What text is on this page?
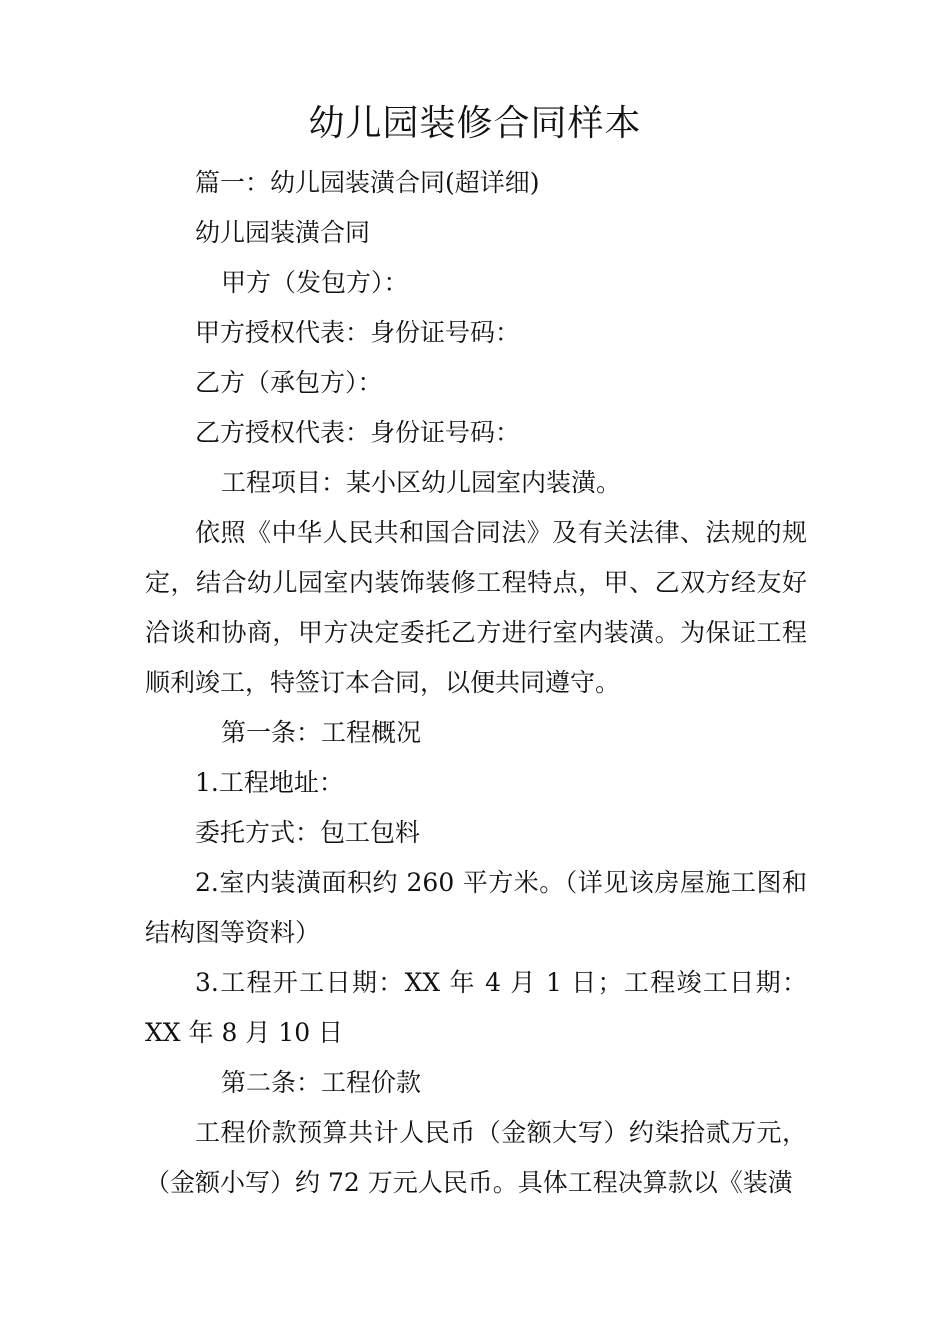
幼儿园装修合同样本

篇一：幼儿园装潢合同(超详细)

幼儿园装潢合同

甲方（发包方）：

甲方授权代表：身份证号码：

乙方（承包方）：

乙方授权代表：身份证号码：

工程项目：某小区幼儿园室内装潢。

依照《中华人民共和国合同法》及有关法律、法规的规定，结合幼儿园室内装饰装修工程特点，甲、乙双方经友好洽谈和协商，甲方决定委托乙方进行室内装潢。为保证工程顺利竣工，特签订本合同，以便共同遵守。

第一条：工程概况

1.工程地址：

委托方式：包工包料

2.室内装潢面积约 260 平方米。（详见该房屋施工图和结构图等资料）

3.工程开工日期：XX 年 4 月 1 日；工程竣工日期：XX 年 8 月 10 日

第二条：工程价款

工程价款预算共计人民币（金额大写）约柒拾贰万元，（金额小写）约 72 万元人民币。具体工程决算款以《装潢
